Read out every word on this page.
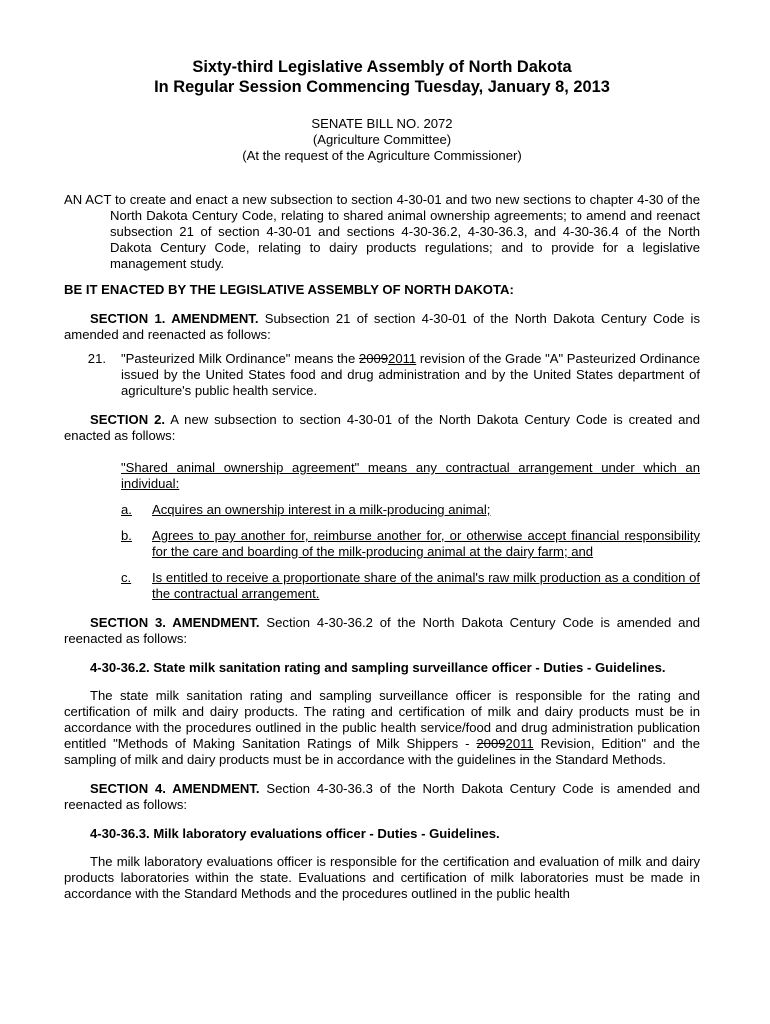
Sixty-third Legislative Assembly of North Dakota
In Regular Session Commencing Tuesday, January 8, 2013

SENATE BILL NO. 2072
(Agriculture Committee)
(At the request of the Agriculture Commissioner)

AN ACT to create and enact a new subsection to section 4-30-01 and two new sections to chapter 4-30 of the North Dakota Century Code, relating to shared animal ownership agreements; to amend and reenact subsection 21 of section 4-30-01 and sections 4-30-36.2, 4-30-36.3, and 4-30-36.4 of the North Dakota Century Code, relating to dairy products regulations; and to provide for a legislative management study.

BE IT ENACTED BY THE LEGISLATIVE ASSEMBLY OF NORTH DAKOTA:

SECTION 1. AMENDMENT. Subsection 21 of section 4-30-01 of the North Dakota Century Code is amended and reenacted as follows:

21.	"Pasteurized Milk Ordinance" means the 20092011 revision of the Grade "A" Pasteurized Ordinance issued by the United States food and drug administration and by the United States department of agriculture's public health service.

SECTION 2. A new subsection to section 4-30-01 of the North Dakota Century Code is created and enacted as follows:

"Shared animal ownership agreement" means any contractual arrangement under which an individual:

a.	Acquires an ownership interest in a milk-producing animal;
b.	Agrees to pay another for, reimburse another for, or otherwise accept financial responsibility for the care and boarding of the milk-producing animal at the dairy farm; and
c.	Is entitled to receive a proportionate share of the animal's raw milk production as a condition of the contractual arrangement.

SECTION 3. AMENDMENT. Section 4-30-36.2 of the North Dakota Century Code is amended and reenacted as follows:

4-30-36.2. State milk sanitation rating and sampling surveillance officer - Duties - Guidelines.

The state milk sanitation rating and sampling surveillance officer is responsible for the rating and certification of milk and dairy products. The rating and certification of milk and dairy products must be in accordance with the procedures outlined in the public health service/food and drug administration publication entitled "Methods of Making Sanitation Ratings of Milk Shippers - 20092011 Revision, Edition" and the sampling of milk and dairy products must be in accordance with the guidelines in the Standard Methods.

SECTION 4. AMENDMENT. Section 4-30-36.3 of the North Dakota Century Code is amended and reenacted as follows:

4-30-36.3. Milk laboratory evaluations officer - Duties - Guidelines.

The milk laboratory evaluations officer is responsible for the certification and evaluation of milk and dairy products laboratories within the state. Evaluations and certification of milk laboratories must be made in accordance with the Standard Methods and the procedures outlined in the public health
